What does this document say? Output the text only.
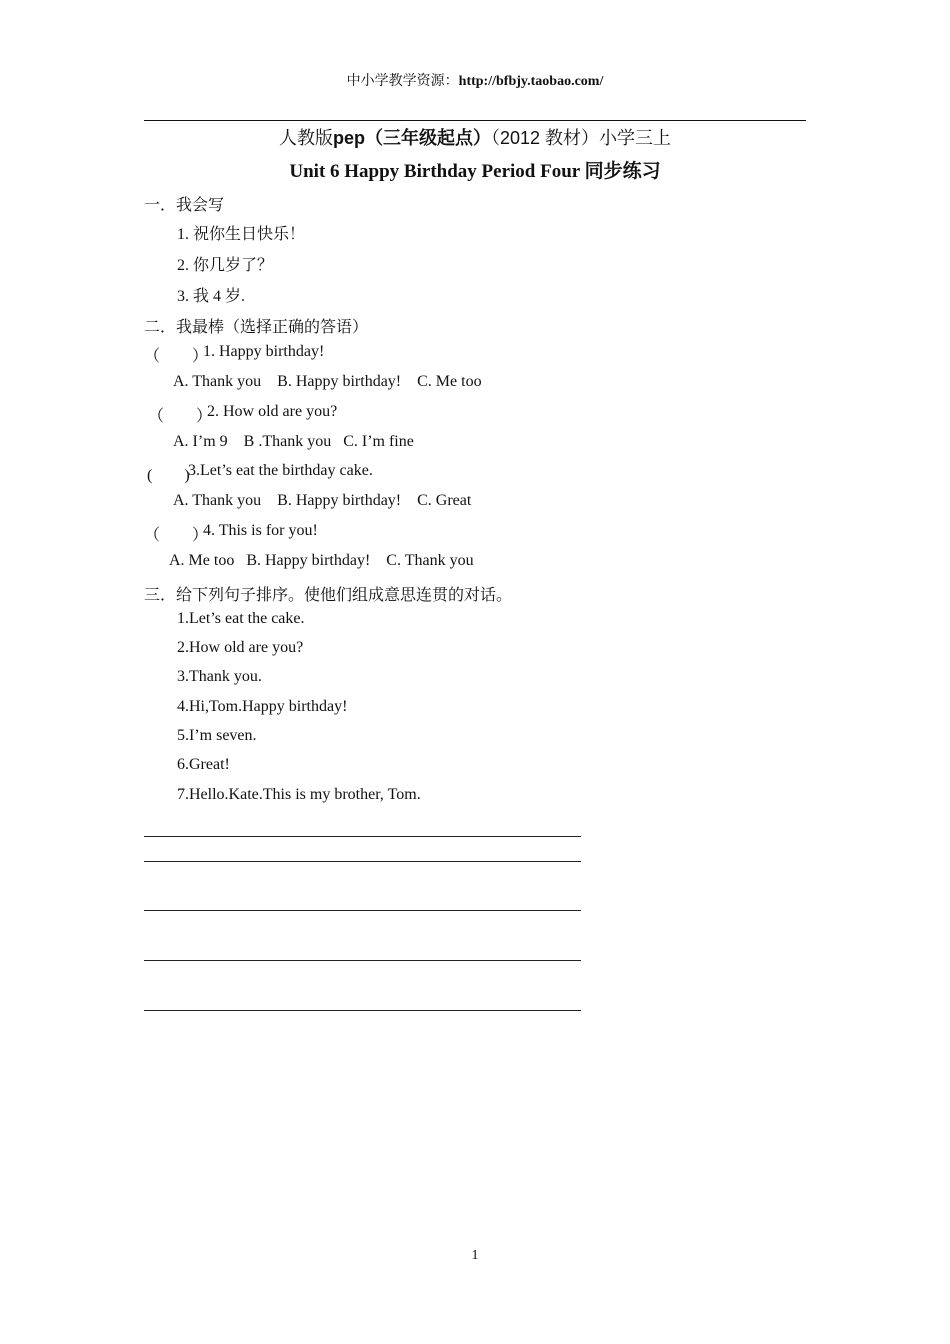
中小学教学资源：http://bfbjy.taobao.com/
人教版pep（三年级起点）（2012 教材）小学三上
Unit 6 Happy Birthday Period Four 同步练习
一．我会写
1. 祝你生日快乐！
2. 你几岁了？
3. 我 4 岁.
二．我最棒（选择正确的答语）
（　　）
1. Happy birthday!
A. Thank you    B. Happy birthday!    C. Me too
（　　）
2. How old are you?
A. I’m 9    B .Thank you   C. I’m fine
(　　)
3.Let’s eat the birthday cake.
A. Thank you    B. Happy birthday!    C. Great
（　　）
4. This is for you!
A. Me too   B. Happy birthday!    C. Thank you
三．给下列句子排序。使他们组成意思连贯的对话。
1.Let’s eat the cake.
2.How old are you?
3.Thank you.
4.Hi,Tom.Happy birthday!
5.I’m seven.
6.Great!
7.Hello.Kate.This is my brother, Tom.
1
